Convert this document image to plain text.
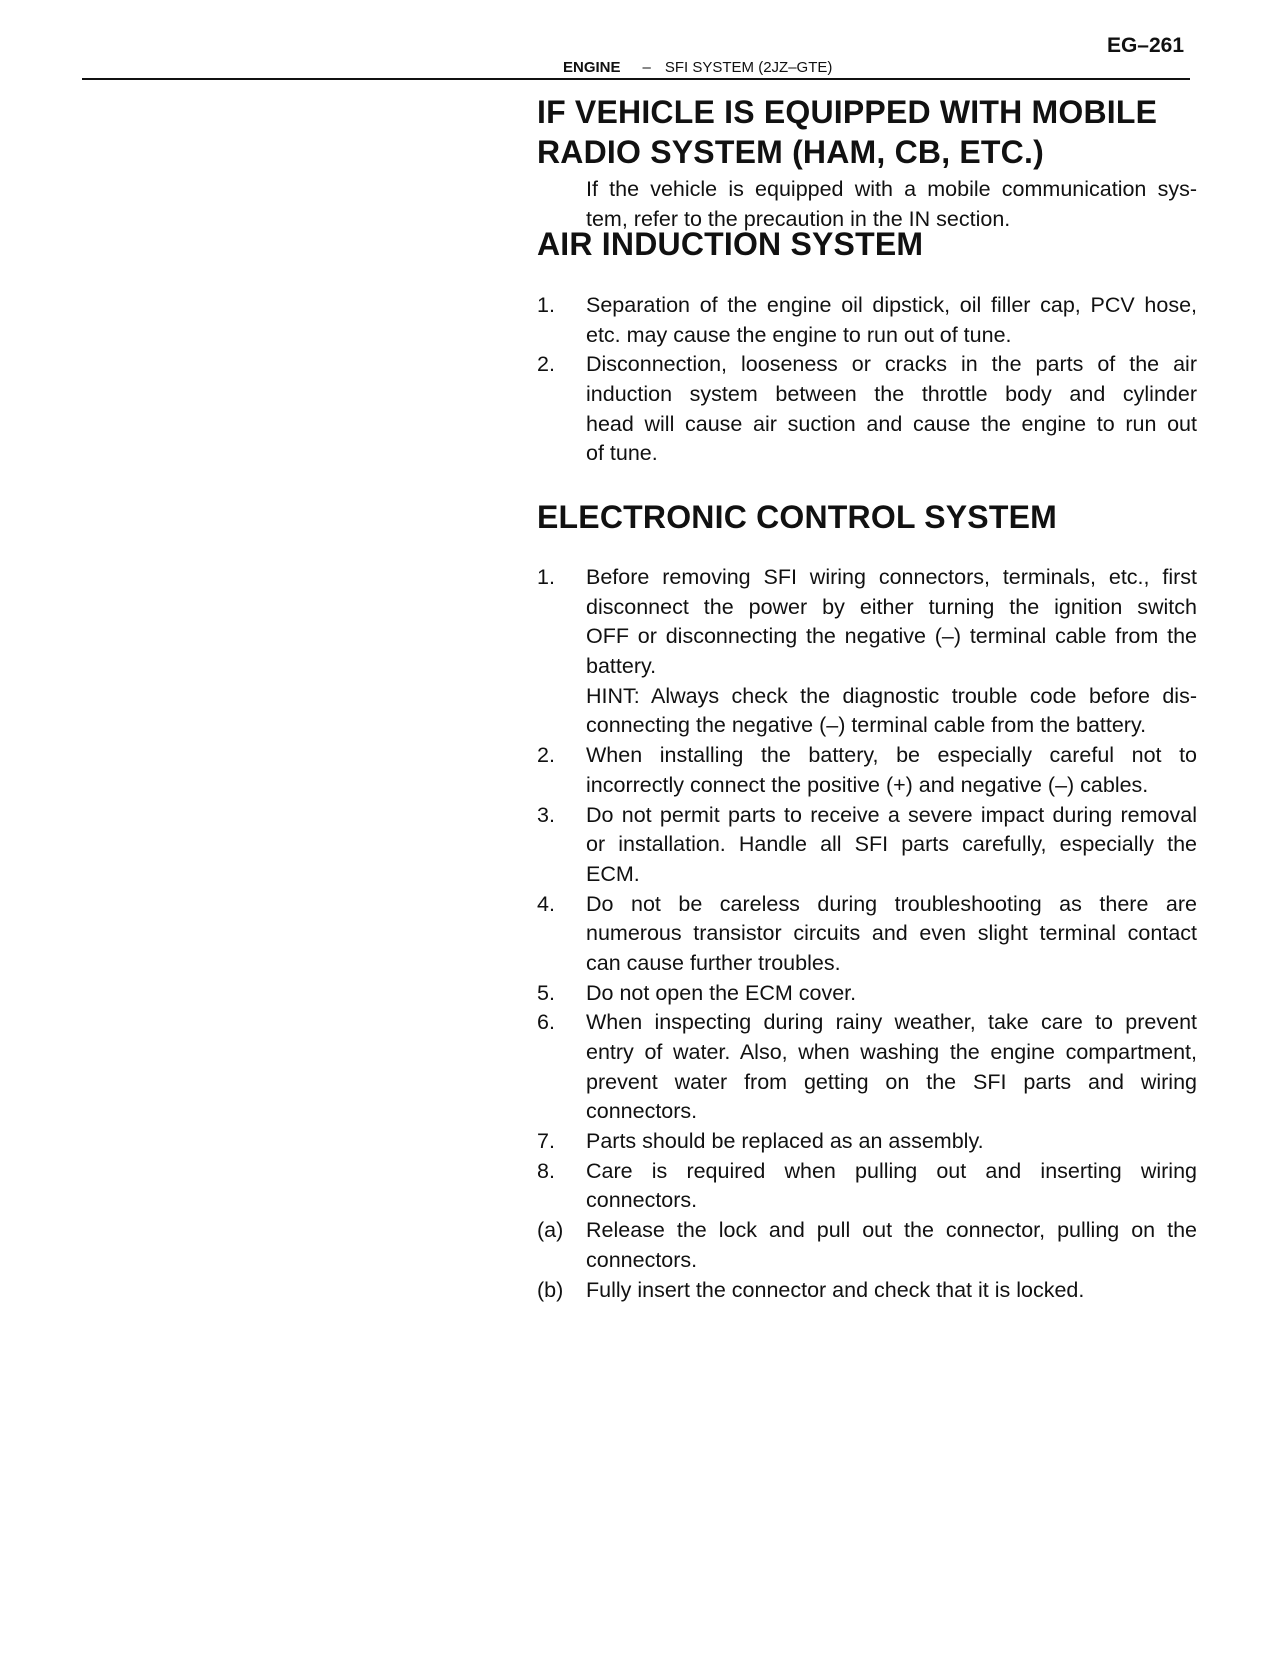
EG–261
ENGINE – SFI SYSTEM (2JZ–GTE)
IF VEHICLE IS EQUIPPED WITH MOBILE
RADIO SYSTEM (HAM, CB, ETC.)
If the vehicle is equipped with a mobile communication sys-
tem, refer to the precaution in the IN section.
AIR INDUCTION SYSTEM
1. Separation of the engine oil dipstick, oil filler cap, PCV hose,
etc. may cause the engine to run out of tune.
2. Disconnection, looseness or cracks in the parts of the air
induction system between the throttle body and cylinder
head will cause air suction and cause the engine to run out
of tune.
ELECTRONIC CONTROL SYSTEM
1. Before removing SFI wiring connectors, terminals, etc., first
disconnect the power by either turning the ignition switch
OFF or disconnecting the negative (–) terminal cable from the
battery.
HINT: Always check the diagnostic trouble code before dis-
connecting the negative (–) terminal cable from the battery.
2. When installing the battery, be especially careful not to
incorrectly connect the positive (+) and negative (–) cables.
3. Do not permit parts to receive a severe impact during removal
or installation. Handle all SFI parts carefully, especially the
ECM.
4. Do not be careless during troubleshooting as there are
numerous transistor circuits and even slight terminal contact
can cause further troubles.
5. Do not open the ECM cover.
6. When inspecting during rainy weather, take care to prevent
entry of water. Also, when washing the engine compartment,
prevent water from getting on the SFI parts and wiring
connectors.
7. Parts should be replaced as an assembly.
8. Care is required when pulling out and inserting wiring
connectors.
(a) Release the lock and pull out the connector, pulling on the
connectors.
(b) Fully insert the connector and check that it is locked.
